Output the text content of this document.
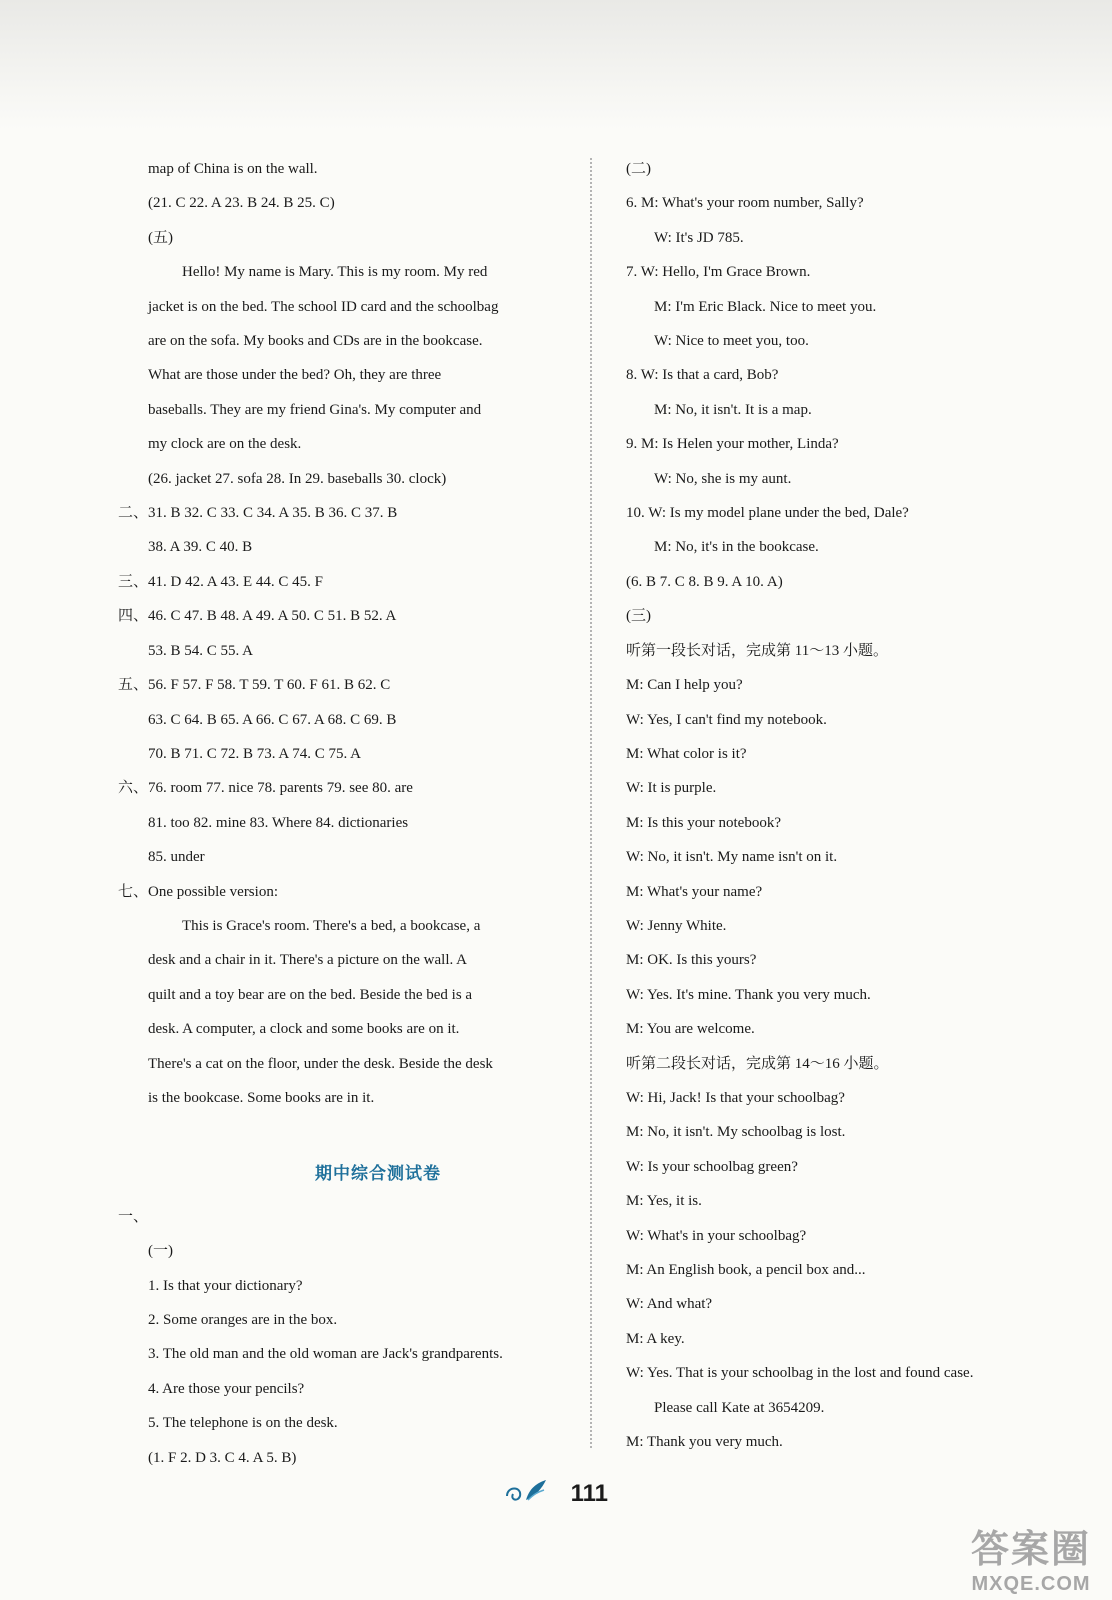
map of China is on the wall.
(21. C 22. A 23. B 24. B 25. C)
(五)
Hello! My name is Mary. This is my room. My red
jacket is on the bed. The school ID card and the schoolbag
are on the sofa. My books and CDs are in the bookcase.
What are those under the bed? Oh, they are three
baseballs. They are my friend Gina's. My computer and
my clock are on the desk.
(26. jacket 27. sofa 28. In 29. baseballs 30. clock)
二、31. B 32. C 33. C 34. A 35. B 36. C 37. B
38. A 39. C 40. B
三、41. D 42. A 43. E 44. C 45. F
四、46. C 47. B 48. A 49. A 50. C 51. B 52. A
53. B 54. C 55. A
五、56. F 57. F 58. T 59. T 60. F 61. B 62. C
63. C 64. B 65. A 66. C 67. A 68. C 69. B
70. B 71. C 72. B 73. A 74. C 75. A
六、76. room 77. nice 78. parents 79. see 80. are
81. too 82. mine 83. Where 84. dictionaries
85. under
七、One possible version:
This is Grace's room. There's a bed, a bookcase, a
desk and a chair in it. There's a picture on the wall. A
quilt and a toy bear are on the bed. Beside the bed is a
desk. A computer, a clock and some books are on it.
There's a cat on the floor, under the desk. Beside the desk
is the bookcase. Some books are in it.
期中综合测试卷
一、
(一)
1. Is that your dictionary?
2. Some oranges are in the box.
3. The old man and the old woman are Jack's grandparents.
4. Are those your pencils?
5. The telephone is on the desk.
(1. F 2. D 3. C 4. A 5. B)
(二)
6. M: What's your room number, Sally?
W: It's JD 785.
7. W: Hello, I'm Grace Brown.
M: I'm Eric Black. Nice to meet you.
W: Nice to meet you, too.
8. W: Is that a card, Bob?
M: No, it isn't. It is a map.
9. M: Is Helen your mother, Linda?
W: No, she is my aunt.
10. W: Is my model plane under the bed, Dale?
M: No, it's in the bookcase.
(6. B 7. C 8. B 9. A 10. A)
(三)
听第一段长对话，完成第 11～13 小题。
M: Can I help you?
W: Yes, I can't find my notebook.
M: What color is it?
W: It is purple.
M: Is this your notebook?
W: No, it isn't. My name isn't on it.
M: What's your name?
W: Jenny White.
M: OK. Is this yours?
W: Yes. It's mine. Thank you very much.
M: You are welcome.
听第二段长对话，完成第 14～16 小题。
W: Hi, Jack! Is that your schoolbag?
M: No, it isn't. My schoolbag is lost.
W: Is your schoolbag green?
M: Yes, it is.
W: What's in your schoolbag?
M: An English book, a pencil box and...
W: And what?
M: A key.
W: Yes. That is your schoolbag in the lost and found case.
Please call Kate at 3654209.
M: Thank you very much.
111
答案圈
MXQE.COM
